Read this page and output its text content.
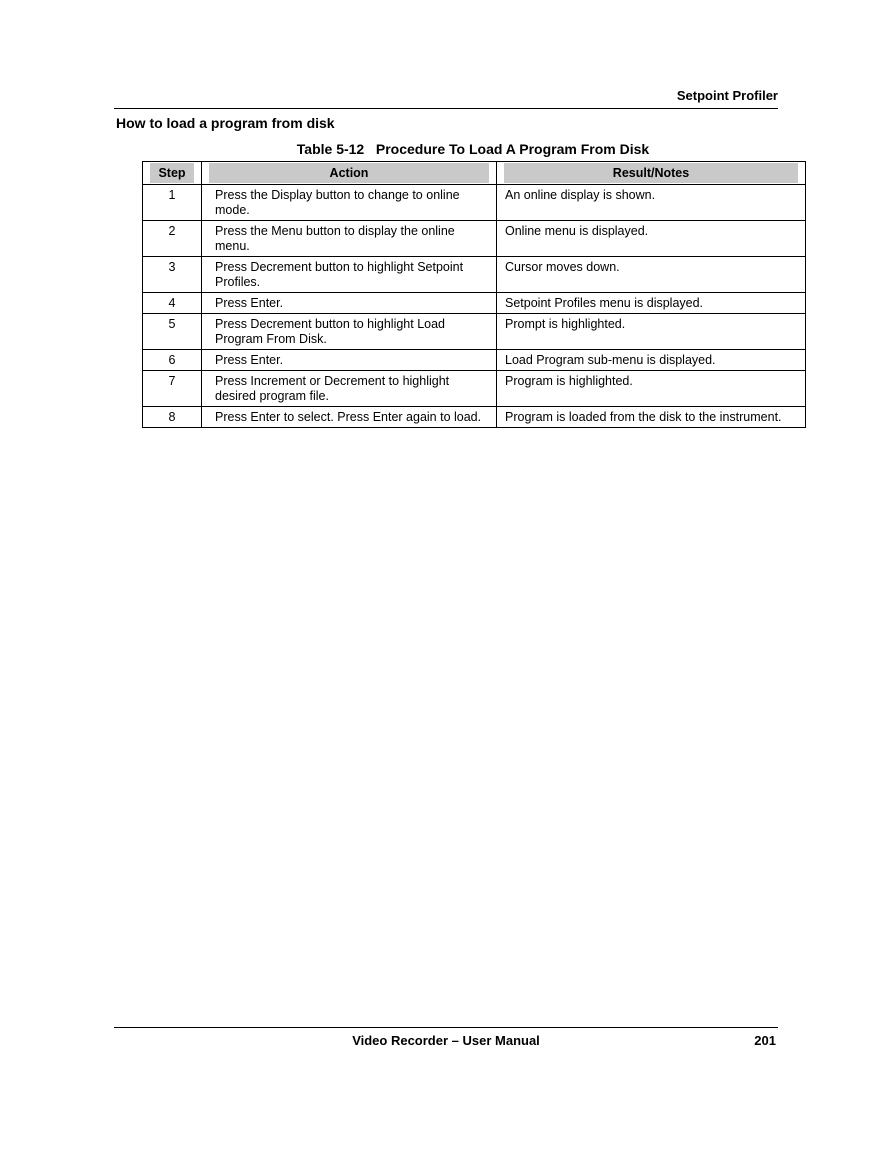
Setpoint Profiler
How to load a program from disk
Table 5-12   Procedure To Load A Program From Disk
Step	Action	Result/Notes

1	Press the Display button to change to online mode.	An online display is shown.
2	Press the Menu button to display the online menu.	Online menu is displayed.
3	Press Decrement button to highlight Setpoint Profiles.	Cursor moves down.
4	Press Enter.	Setpoint Profiles menu is displayed.
5	Press Decrement button to highlight Load Program From Disk.	Prompt is highlighted.
6	Press Enter.	Load Program sub-menu is displayed.
7	Press Increment or Decrement to highlight desired program file.	Program is highlighted.
8	Press Enter to select. Press Enter again to load.	Program is loaded from the disk to the instrument.
Video Recorder – User Manual	201
